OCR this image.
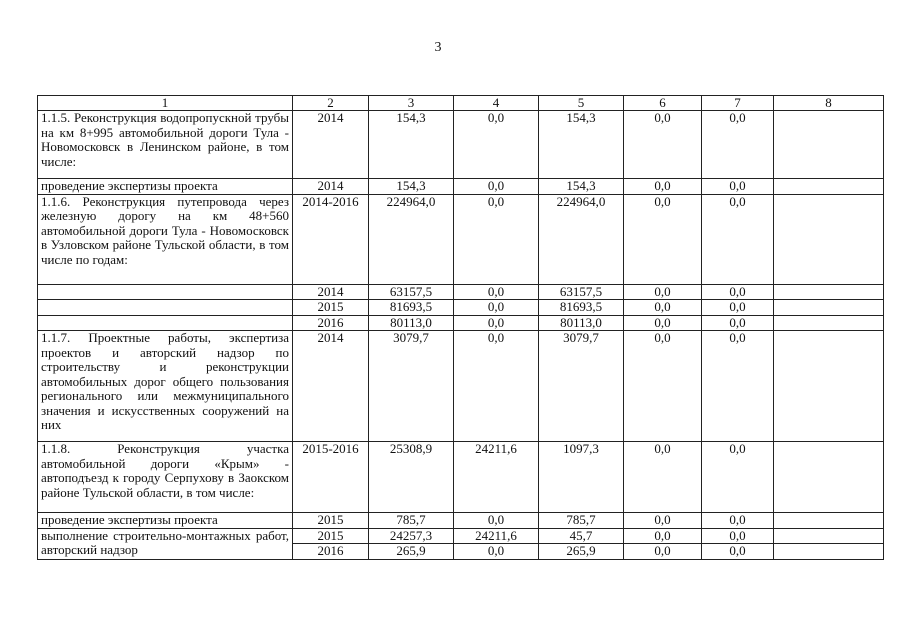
3
1	2	3	4	5	6	7	8
1.1.5. Реконструкция водопропускной трубы на км 8+995 автомобильной дороги Тула - Новомосковск в Ленинском районе, в том числе:	2014	154,3	0,0	154,3	0,0	0,0	
проведение экспертизы проекта	2014	154,3	0,0	154,3	0,0	0,0	
1.1.6. Реконструкция путепровода через железную дорогу на км 48+560 автомобильной дороги Тула - Новомосковск в Узловском районе Тульской области, в том числе по годам:	2014-2016	224964,0	0,0	224964,0	0,0	0,0	
	2014	63157,5	0,0	63157,5	0,0	0,0	
	2015	81693,5	0,0	81693,5	0,0	0,0	
	2016	80113,0	0,0	80113,0	0,0	0,0	
1.1.7. Проектные работы, экспертиза проектов и авторский надзор по строительству и реконструкции автомобильных дорог общего пользования регионального или межмуниципального значения и искусственных сооружений на них	2014	3079,7	0,0	3079,7	0,0	0,0	
1.1.8. Реконструкция участка автомобильной дороги «Крым» - автоподъезд к городу Серпухову в Заокском районе Тульской области, в том числе:	2015-2016	25308,9	24211,6	1097,3	0,0	0,0	
проведение экспертизы проекта	2015	785,7	0,0	785,7	0,0	0,0	
выполнение строительно-монтажных работ, авторский надзор	2015	24257,3	24211,6	45,7	0,0	0,0	
	2016	265,9	0,0	265,9	0,0	0,0	
